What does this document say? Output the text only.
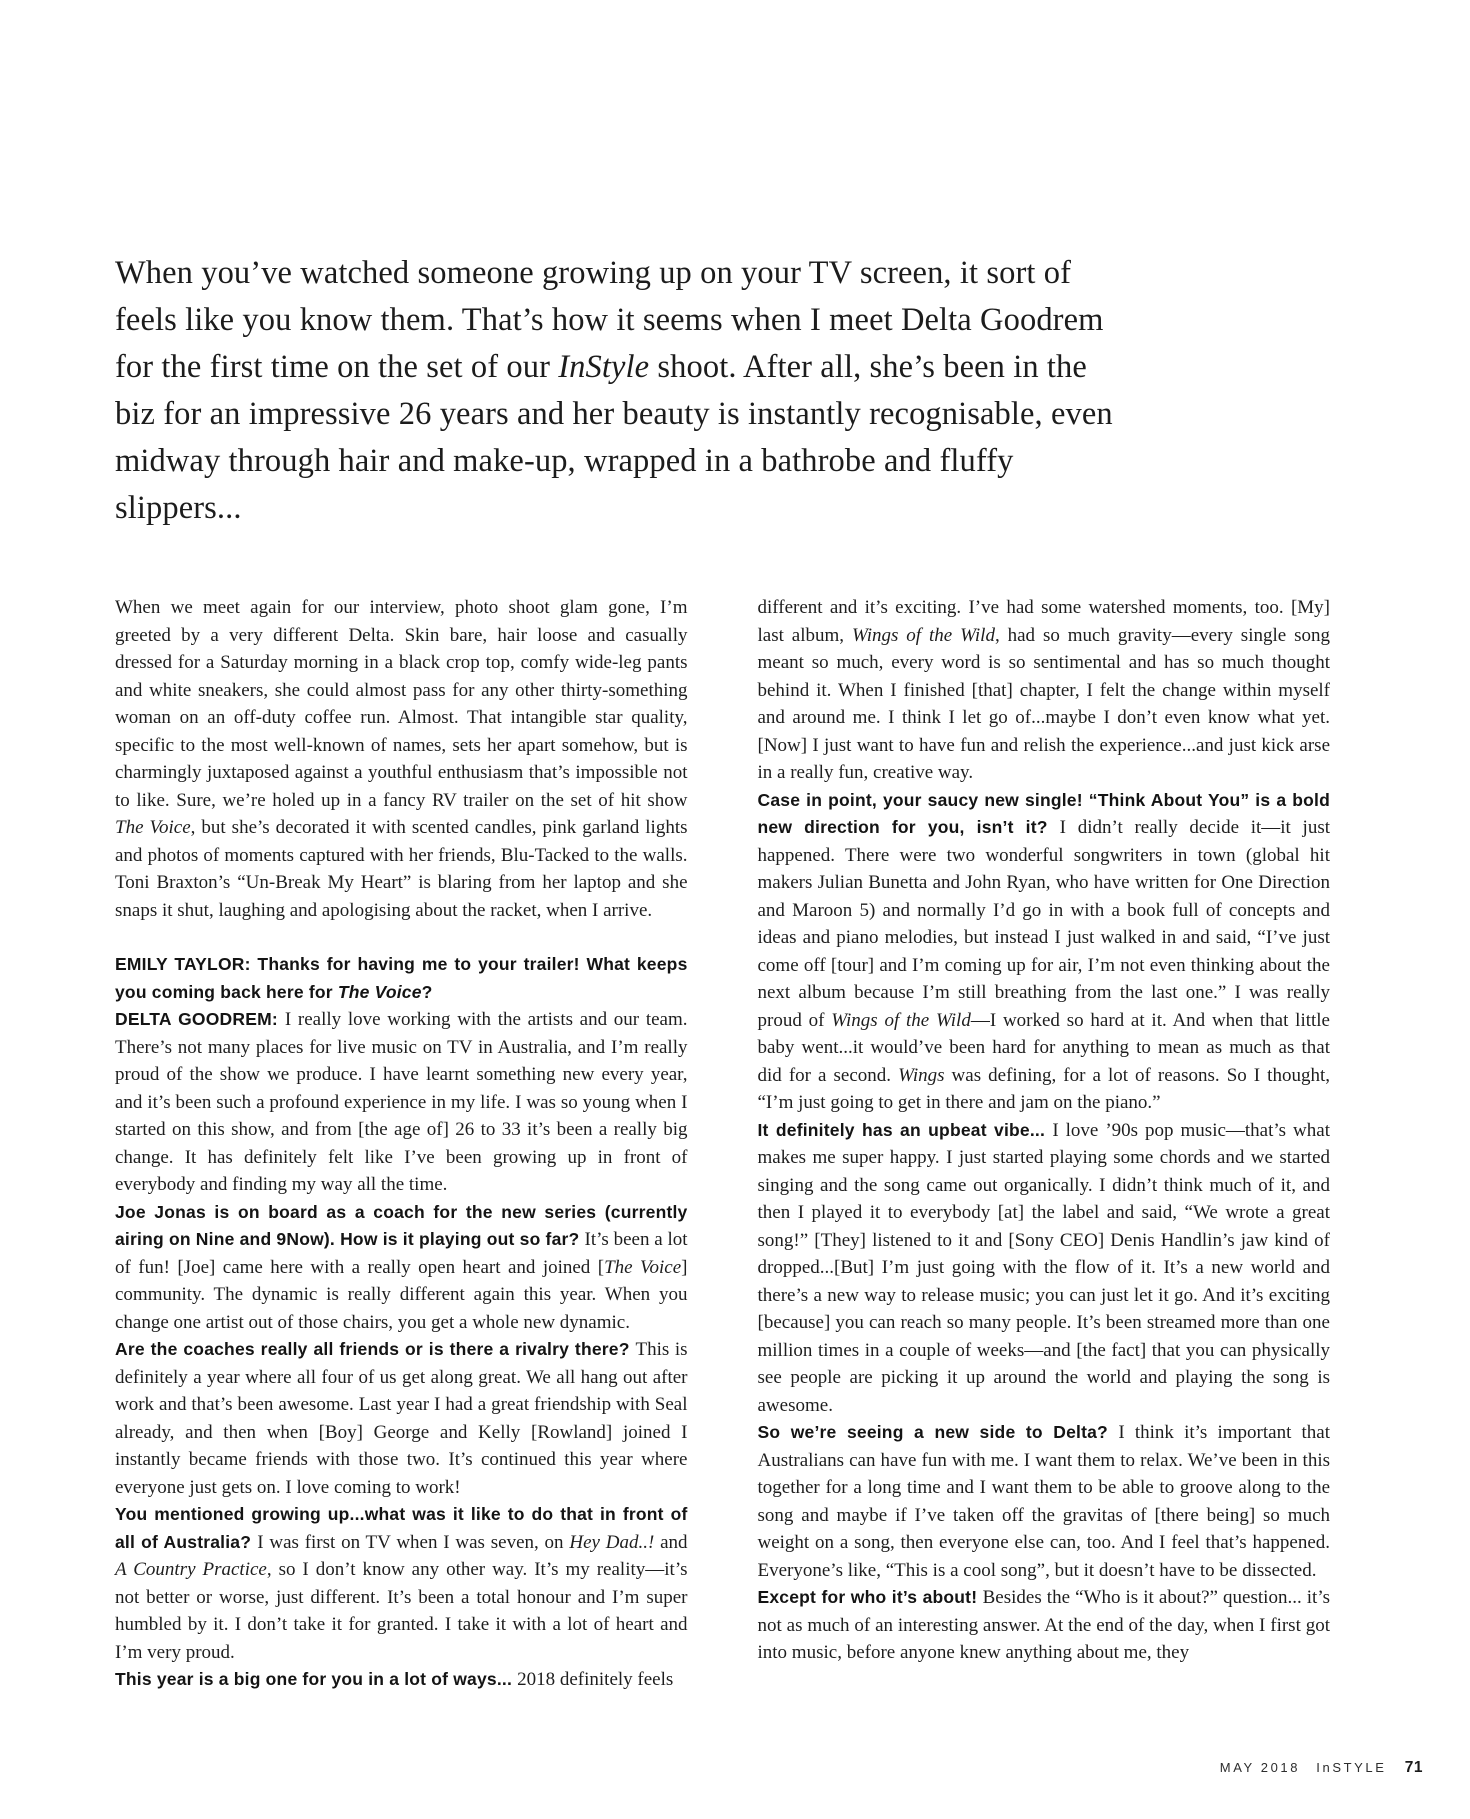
When you’ve watched someone growing up on your TV screen, it sort of feels like you know them. That’s how it seems when I meet Delta Goodrem for the first time on the set of our InStyle shoot. After all, she’s been in the biz for an impressive 26 years and her beauty is instantly recognisable, even midway through hair and make-up, wrapped in a bathrobe and fluffy slippers...

When we meet again for our interview, photo shoot glam gone, I’m greeted by a very different Delta. Skin bare, hair loose and casually dressed for a Saturday morning in a black crop top, comfy wide-leg pants and white sneakers, she could almost pass for any other thirty-something woman on an off-duty coffee run. Almost. That intangible star quality, specific to the most well-known of names, sets her apart somehow, but is charmingly juxtaposed against a youthful enthusiasm that’s impossible not to like. Sure, we’re holed up in a fancy RV trailer on the set of hit show The Voice, but she’s decorated it with scented candles, pink garland lights and photos of moments captured with her friends, Blu-Tacked to the walls. Toni Braxton’s “Un-Break My Heart” is blaring from her laptop and she snaps it shut, laughing and apologising about the racket, when I arrive.

EMILY TAYLOR: Thanks for having me to your trailer! What keeps you coming back here for The Voice?

DELTA GOODREM: I really love working with the artists and our team. There’s not many places for live music on TV in Australia, and I’m really proud of the show we produce. I have learnt something new every year, and it’s been such a profound experience in my life. I was so young when I started on this show, and from [the age of] 26 to 33 it’s been a really big change. It has definitely felt like I’ve been growing up in front of everybody and finding my way all the time.

Joe Jonas is on board as a coach for the new series (currently airing on Nine and 9Now). How is it playing out so far? It’s been a lot of fun! [Joe] came here with a really open heart and joined [The Voice] community. The dynamic is really different again this year. When you change one artist out of those chairs, you get a whole new dynamic.

Are the coaches really all friends or is there a rivalry there? This is definitely a year where all four of us get along great. We all hang out after work and that’s been awesome. Last year I had a great friendship with Seal already, and then when [Boy] George and Kelly [Rowland] joined I instantly became friends with those two. It’s continued this year where everyone just gets on. I love coming to work!

You mentioned growing up...what was it like to do that in front of all of Australia? I was first on TV when I was seven, on Hey Dad..! and A Country Practice, so I don’t know any other way. It’s my reality—it’s not better or worse, just different. It’s been a total honour and I’m super humbled by it. I don’t take it for granted. I take it with a lot of heart and I’m very proud.

This year is a big one for you in a lot of ways... 2018 definitely feels

different and it’s exciting. I’ve had some watershed moments, too. [My] last album, Wings of the Wild, had so much gravity—every single song meant so much, every word is so sentimental and has so much thought behind it. When I finished [that] chapter, I felt the change within myself and around me. I think I let go of...maybe I don’t even know what yet. [Now] I just want to have fun and relish the experience...and just kick arse in a really fun, creative way.

Case in point, your saucy new single! “Think About You” is a bold new direction for you, isn’t it? I didn’t really decide it—it just happened. There were two wonderful songwriters in town (global hit makers Julian Bunetta and John Ryan, who have written for One Direction and Maroon 5) and normally I’d go in with a book full of concepts and ideas and piano melodies, but instead I just walked in and said, “I’ve just come off [tour] and I’m coming up for air, I’m not even thinking about the next album because I’m still breathing from the last one.” I was really proud of Wings of the Wild—I worked so hard at it. And when that little baby went...it would’ve been hard for anything to mean as much as that did for a second. Wings was defining, for a lot of reasons. So I thought, “I’m just going to get in there and jam on the piano.”

It definitely has an upbeat vibe... I love ’90s pop music—that’s what makes me super happy. I just started playing some chords and we started singing and the song came out organically. I didn’t think much of it, and then I played it to everybody [at] the label and said, “We wrote a great song!” [They] listened to it and [Sony CEO] Denis Handlin’s jaw kind of dropped...[But] I’m just going with the flow of it. It’s a new world and there’s a new way to release music; you can just let it go. And it’s exciting [because] you can reach so many people. It’s been streamed more than one million times in a couple of weeks—and [the fact] that you can physically see people are picking it up around the world and playing the song is awesome.

So we’re seeing a new side to Delta? I think it’s important that Australians can have fun with me. I want them to relax. We’ve been in this together for a long time and I want them to be able to groove along to the song and maybe if I’ve taken off the gravitas of [there being] so much weight on a song, then everyone else can, too. And I feel that’s happened. Everyone’s like, “This is a cool song”, but it doesn’t have to be dissected.

Except for who it’s about! Besides the “Who is it about?” question... it’s not as much of an interesting answer. At the end of the day, when I first got into music, before anyone knew anything about me, they

MAY 2018 InSTYLE 71
